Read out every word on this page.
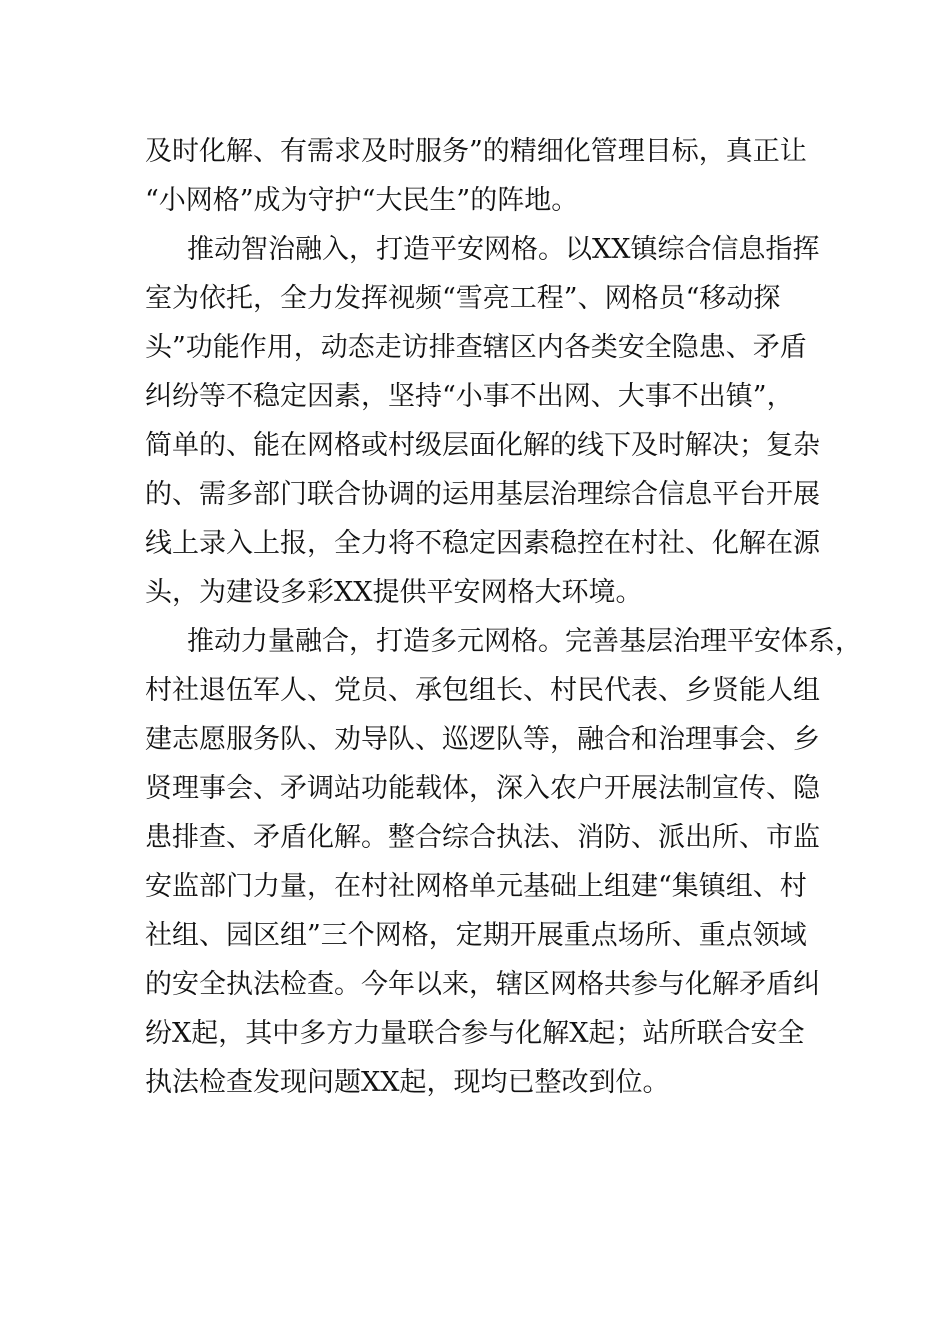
及时化解、有需求及时服务”的精细化管理目标，真正让
“小网格”成为守护“大民生”的阵地。
推动智治融入，打造平安网格。以XX镇综合信息指挥
室为依托，全力发挥视频“雪亮工程”、网格员“移动探
头”功能作用，动态走访排查辖区内各类安全隐患、矛盾
纠纷等不稳定因素，坚持“小事不出网、大事不出镇”，
简单的、能在网格或村级层面化解的线下及时解决；复杂
的、需多部门联合协调的运用基层治理综合信息平台开展
线上录入上报，全力将不稳定因素稳控在村社、化解在源
头，为建设多彩XX提供平安网格大环境。
推动力量融合，打造多元网格。完善基层治理平安体系，
村社退伍军人、党员、承包组长、村民代表、乡贤能人组
建志愿服务队、劝导队、巡逻队等，融合和治理事会、乡
贤理事会、矛调站功能载体，深入农户开展法制宣传、隐
患排查、矛盾化解。整合综合执法、消防、派出所、市监
安监部门力量，在村社网格单元基础上组建“集镇组、村
社组、园区组”三个网格，定期开展重点场所、重点领域
的安全执法检查。今年以来，辖区网格共参与化解矛盾纠
纷X起，其中多方力量联合参与化解X起；站所联合安全
执法检查发现问题XX起，现均已整改到位。
